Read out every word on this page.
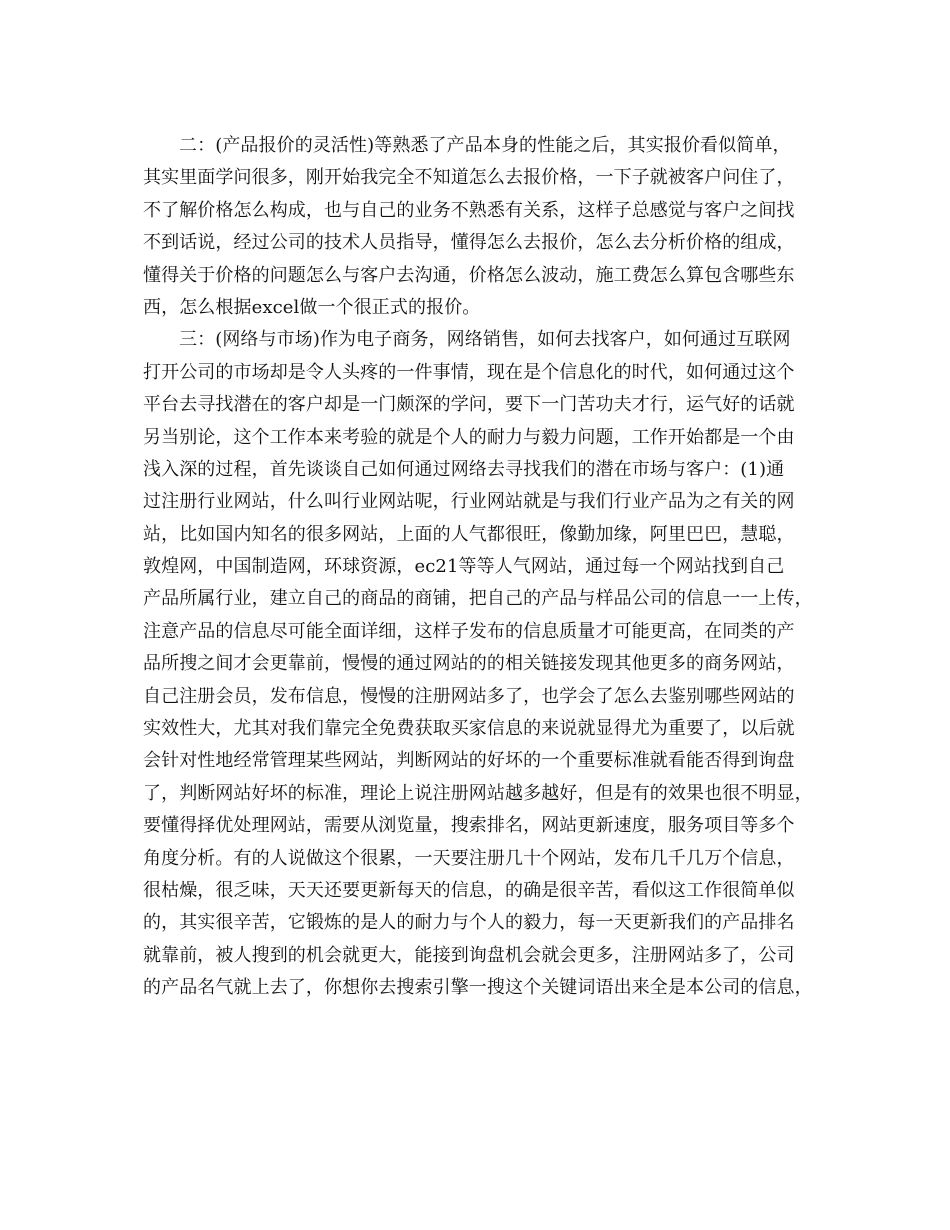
二：(产品报价的灵活性)等熟悉了产品本身的性能之后，其实报价看似简单，
其实里面学问很多，刚开始我完全不知道怎么去报价格，一下子就被客户问住了，
不了解价格怎么构成，也与自己的业务不熟悉有关系，这样子总感觉与客户之间找
不到话说，经过公司的技术人员指导，懂得怎么去报价，怎么去分析价格的组成，
懂得关于价格的问题怎么与客户去沟通，价格怎么波动，施工费怎么算包含哪些东
西，怎么根据excel做一个很正式的报价。
三：(网络与市场)作为电子商务，网络销售，如何去找客户，如何通过互联网
打开公司的市场却是令人头疼的一件事情，现在是个信息化的时代，如何通过这个
平台去寻找潜在的客户却是一门颇深的学问，要下一门苦功夫才行，运气好的话就
另当别论，这个工作本来考验的就是个人的耐力与毅力问题，工作开始都是一个由
浅入深的过程，首先谈谈自己如何通过网络去寻找我们的潜在市场与客户：(1)通
过注册行业网站，什么叫行业网站呢，行业网站就是与我们行业产品为之有关的网
站，比如国内知名的很多网站，上面的人气都很旺，像勤加缘，阿里巴巴，慧聪，
敦煌网，中国制造网，环球资源，ec21等等人气网站，通过每一个网站找到自己
产品所属行业，建立自己的商品的商铺，把自己的产品与样品公司的信息一一上传，
注意产品的信息尽可能全面详细，这样子发布的信息质量才可能更高，在同类的产
品所搜之间才会更靠前，慢慢的通过网站的的相关链接发现其他更多的商务网站，
自己注册会员，发布信息，慢慢的注册网站多了，也学会了怎么去鉴别哪些网站的
实效性大，尤其对我们靠完全免费获取买家信息的来说就显得尤为重要了，以后就
会针对性地经常管理某些网站，判断网站的好坏的一个重要标准就看能否得到询盘
了，判断网站好坏的标准，理论上说注册网站越多越好，但是有的效果也很不明显，
要懂得择优处理网站，需要从浏览量，搜索排名，网站更新速度，服务项目等多个
角度分析。有的人说做这个很累，一天要注册几十个网站，发布几千几万个信息，
很枯燥，很乏味，天天还要更新每天的信息，的确是很辛苦，看似这工作很简单似
的，其实很辛苦，它锻炼的是人的耐力与个人的毅力，每一天更新我们的产品排名
就靠前，被人搜到的机会就更大，能接到询盘机会就会更多，注册网站多了，公司
的产品名气就上去了，你想你去搜索引擎一搜这个关键词语出来全是本公司的信息，
